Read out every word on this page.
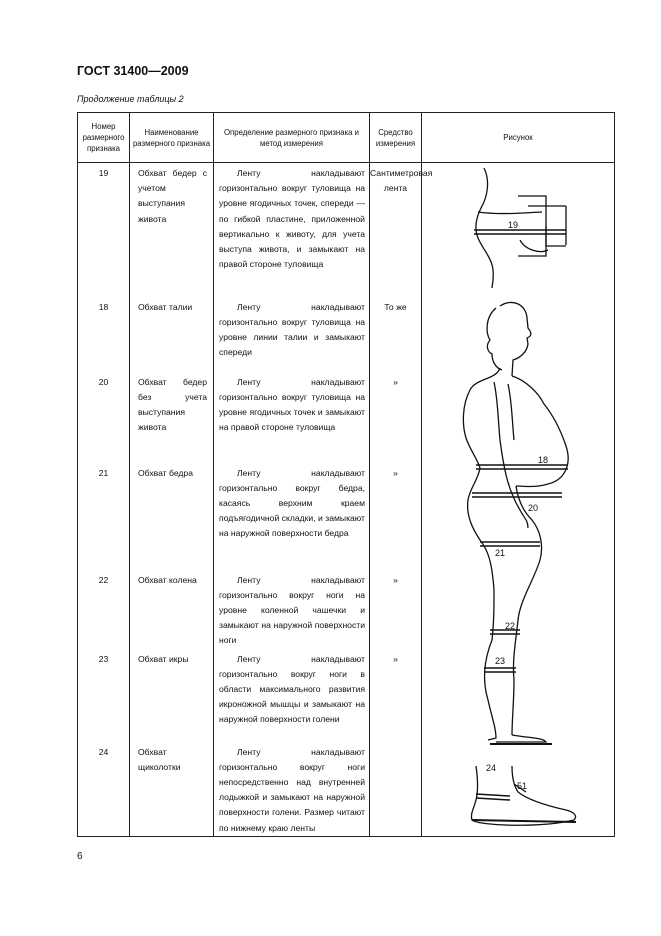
ГОСТ 31400—2009
Продолжение таблицы 2
Номер размерного признака	Наименование размерного признака	Определение размерного признака и метод измерения	Средство измерения	Рисунок
19	Обхват бедер с учетом выступания живота	Ленту накладывают горизонтально вокруг туловища на уровне ягодичных точек, спереди — по гибкой пластине, приложенной вертикально к животу, для учета выступа живота, и замыкают на правой стороне туловища	Сантиметровая лента	
18	Обхват талии	Ленту накладывают горизонтально вокруг туловища на уровне линии талии и замыкают спереди	То же	
20	Обхват бедер без учета выступания живота	Ленту накладывают горизонтально вокруг туловища на уровне ягодичных точек и замыкают на правой стороне туловища	»	
21	Обхват бедра	Ленту накладывают горизонтально вокруг бедра, касаясь верхним краем подъягодичной складки, и замыкают на наружной поверхности бедра	»	
22	Обхват колена	Ленту накладывают горизонтально вокруг ноги на уровне коленной чашечки и замыкают на наружной поверхности ноги	»	
23	Обхват икры	Ленту накладывают горизонтально вокруг ноги в области максимального развития икроножной мышцы и замыкают на наружной поверхности голени	»	
24	Обхват щиколотки	Ленту накладывают горизонтально вокруг ноги непосредственно над внутренней лодыжкой и замыкают на наружной поверхности голени. Размер читают по нижнему краю ленты		
19
18
20
21
22
23
24
51
6
